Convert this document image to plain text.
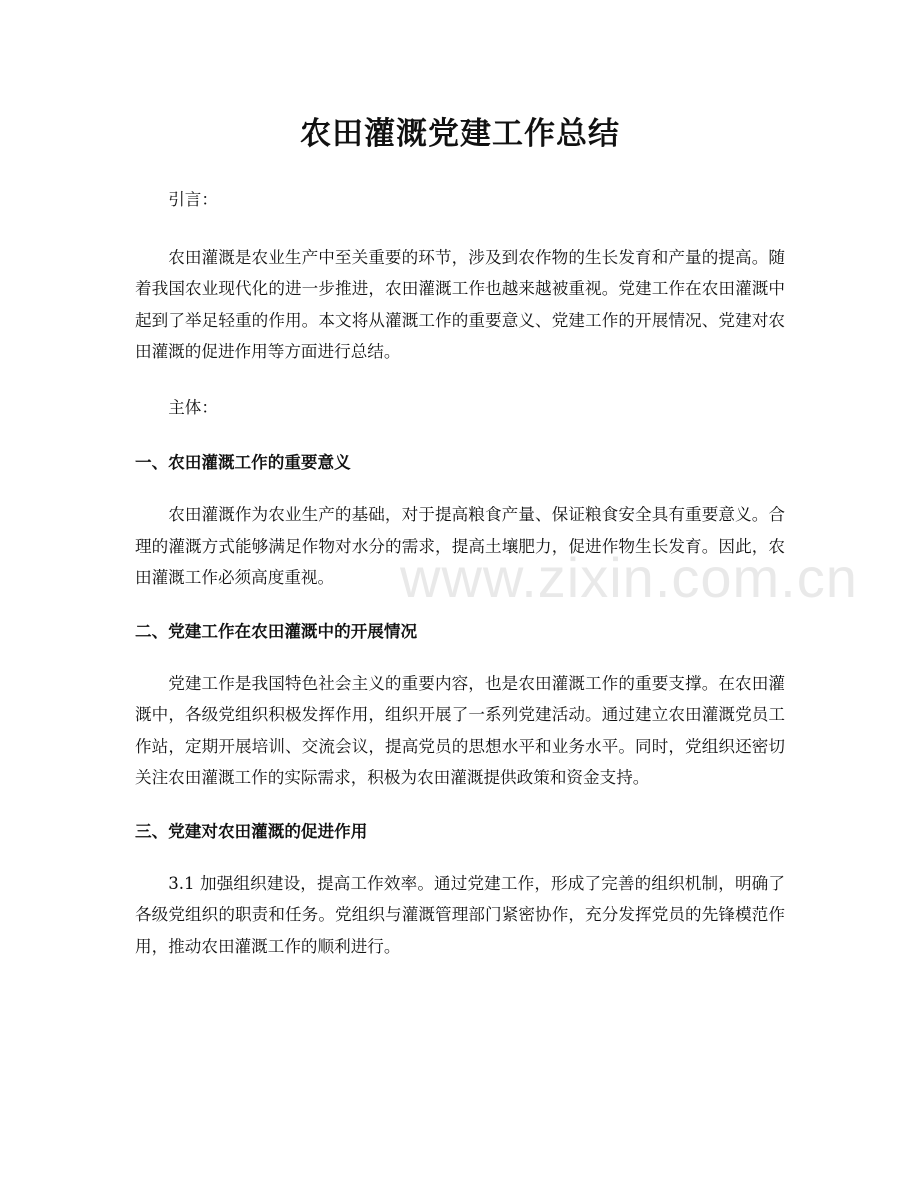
农田灌溉党建工作总结

引言：

农田灌溉是农业生产中至关重要的环节，涉及到农作物的生长发育和产量的提高。随着我国农业现代化的进一步推进，农田灌溉工作也越来越被重视。党建工作在农田灌溉中起到了举足轻重的作用。本文将从灌溉工作的重要意义、党建工作的开展情况、党建对农田灌溉的促进作用等方面进行总结。

主体：

一、农田灌溉工作的重要意义

农田灌溉作为农业生产的基础，对于提高粮食产量、保证粮食安全具有重要意义。合理的灌溉方式能够满足作物对水分的需求，提高土壤肥力，促进作物生长发育。因此，农田灌溉工作必须高度重视。

二、党建工作在农田灌溉中的开展情况

党建工作是我国特色社会主义的重要内容，也是农田灌溉工作的重要支撑。在农田灌溉中，各级党组织积极发挥作用，组织开展了一系列党建活动。通过建立农田灌溉党员工作站，定期开展培训、交流会议，提高党员的思想水平和业务水平。同时，党组织还密切关注农田灌溉工作的实际需求，积极为农田灌溉提供政策和资金支持。

三、党建对农田灌溉的促进作用

3.1 加强组织建设，提高工作效率。通过党建工作，形成了完善的组织机制，明确了各级党组织的职责和任务。党组织与灌溉管理部门紧密协作，充分发挥党员的先锋模范作用，推动农田灌溉工作的顺利进行。

www.zixin.com.cn
